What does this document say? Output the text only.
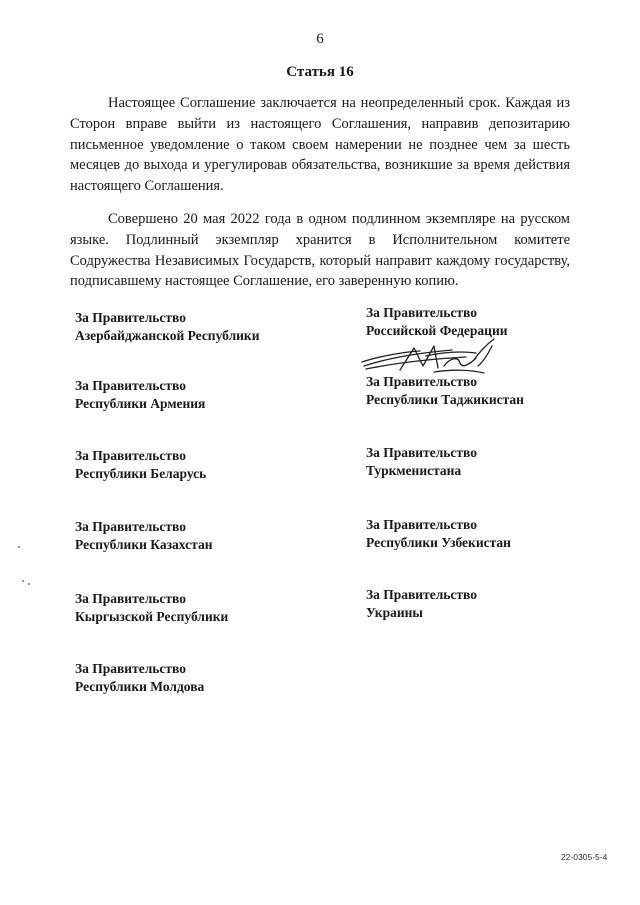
6
Статья 16

Настоящее Соглашение заключается на неопределенный срок. Каждая из Сторон вправе выйти из настоящего Соглашения, направив депозитарию письменное уведомление о таком своем намерении не позднее чем за шесть месяцев до выхода и урегулировав обязательства, возникшие за время действия настоящего Соглашения.

Совершено 20 мая 2022 года в одном подлинном экземпляре на русском языке. Подлинный экземпляр хранится в Исполнительном комитете Содружества Независимых Государств, который направит каждому государству, подписавшему настоящее Соглашение, его заверенную копию.

За Правительство
Азербайджанской Республики
За Правительство
Республики Армения
За Правительство
Республики Беларусь
За Правительство
Республики Казахстан
За Правительство
Кыргызской Республики
За Правительство
Республики Молдова
За Правительство
Российской Федерации
За Правительство
Республики Таджикистан
За Правительство
Туркменистана
За Правительство
Республики Узбекистан
За Правительство
Украины
22-0305-5-4
